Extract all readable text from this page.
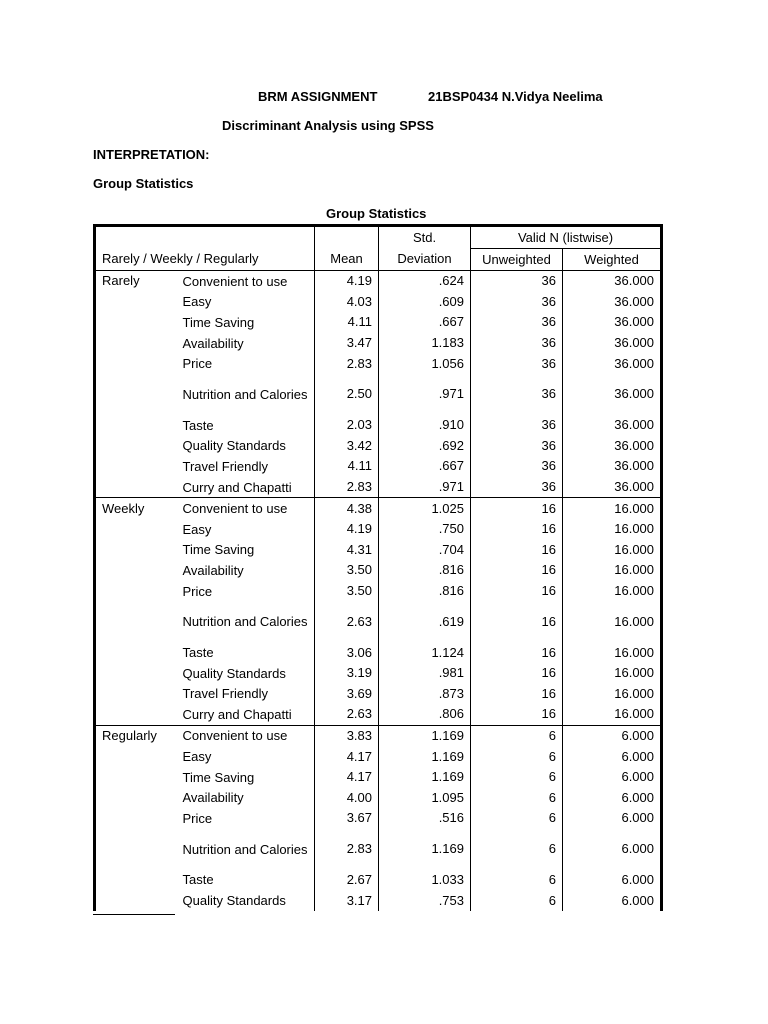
BRM ASSIGNMENT	21BSP0434 N.Vidya Neelima
Discriminant Analysis using SPSS
INTERPRETATION:
Group Statistics
Group Statistics
			Std.	Valid N (listwise)	
Rarely / Weekly / Regularly		Mean	Deviation	Unweighted	Weighted
Rarely	Convenient to use	4.19	.624	36	36.000
	Easy	4.03	.609	36	36.000
	Time Saving	4.11	.667	36	36.000
	Availability	3.47	1.183	36	36.000
	Price	2.83	1.056	36	36.000
	Nutrition and Calories	2.50	.971	36	36.000
	Taste	2.03	.910	36	36.000
	Quality Standards	3.42	.692	36	36.000
	Travel Friendly	4.11	.667	36	36.000
	Curry and Chapatti	2.83	.971	36	36.000
Weekly	Convenient to use	4.38	1.025	16	16.000
	Easy	4.19	.750	16	16.000
	Time Saving	4.31	.704	16	16.000
	Availability	3.50	.816	16	16.000
	Price	3.50	.816	16	16.000
	Nutrition and Calories	2.63	.619	16	16.000
	Taste	3.06	1.124	16	16.000
	Quality Standards	3.19	.981	16	16.000
	Travel Friendly	3.69	.873	16	16.000
	Curry and Chapatti	2.63	.806	16	16.000
Regularly	Convenient to use	3.83	1.169	6	6.000
	Easy	4.17	1.169	6	6.000
	Time Saving	4.17	1.169	6	6.000
	Availability	4.00	1.095	6	6.000
	Price	3.67	.516	6	6.000
	Nutrition and Calories	2.83	1.169	6	6.000
	Taste	2.67	1.033	6	6.000
	Quality Standards	3.17	.753	6	6.000
